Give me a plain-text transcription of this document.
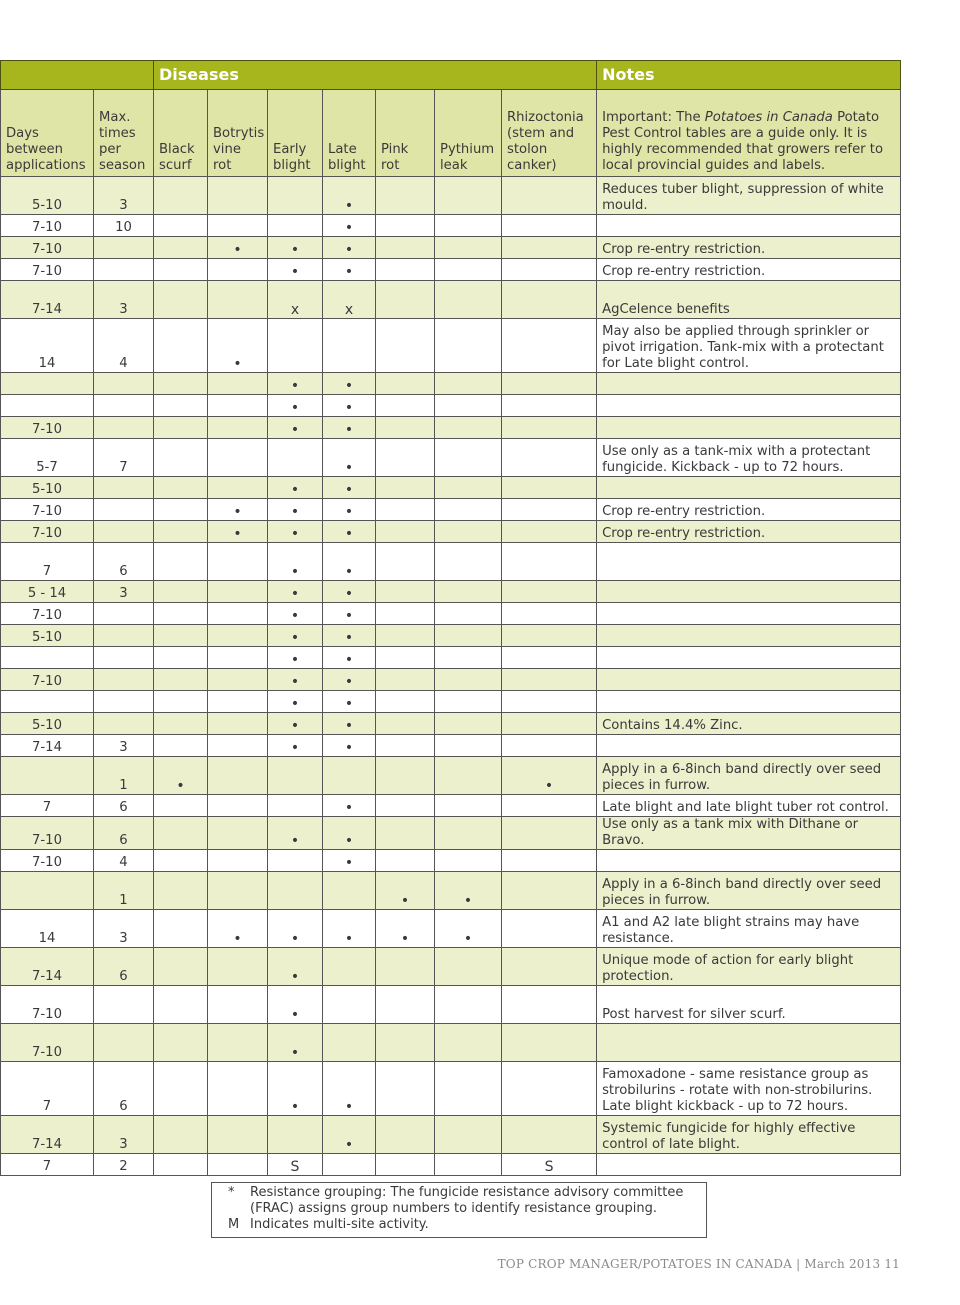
		Diseases							Notes
Days between applications	Max. times per season	Black scurf	Botrytis vine rot	Early blight	Late blight	Pink rot	Pythium leak	Rhizoctonia (stem and stolon canker)	Important: The Potatoes in Canada Potato Pest Control tables are a guide only. It is highly recommended that growers refer to local provincial guides and labels.
5-10	3				•				Reduces tuber blight, suppression of white mould.
7-10	10				•				
7-10			•	•	•				Crop re-entry restriction.
7-10				•	•				Crop re-entry restriction.
7-14	3			x	x				AgCelence benefits
14	4		•						May also be applied through sprinkler or pivot irrigation. Tank-mix with a protectant for Late blight control.
				•	•				
				•	•				
7-10				•	•				
5-7	7				•				Use only as a tank-mix with a protectant fungicide. Kickback - up to 72 hours.
5-10				•	•				
7-10			•	•	•				Crop re-entry restriction.
7-10			•	•	•				Crop re-entry restriction.
7	6			•	•				
5 - 14	3			•	•				
7-10				•	•				
5-10				•	•				
				•	•				
7-10				•	•				
				•	•				
5-10				•	•				Contains 14.4% Zinc.
7-14	3			•	•				
	1	•						•	Apply in a 6-8inch band directly over seed pieces in furrow.
7	6				•				Late blight and late blight tuber rot control.
7-10	6			•	•				Use only as a tank mix with Dithane or Bravo.
7-10	4				•				
	1					•	•		Apply in a 6-8inch band directly over seed pieces in furrow.
14	3		•	•	•	•	•		A1 and A2 late blight strains may have resistance.
7-14	6			•					Unique mode of action for early blight protection.
7-10				•					Post harvest for silver scurf.
7-10				•					
7	6			•	•				Famoxadone - same resistance group as strobilurins - rotate with non-strobilurins. Late blight kickback - up to 72 hours.
7-14	3				•				Systemic fungicide for highly effective control of late blight.
7	2			S				S	
* Resistance grouping: The fungicide resistance advisory committee (FRAC) assigns group numbers to identify resistance grouping.
M Indicates multi-site activity.
TOP CROP MANAGER/POTATOES IN CANADA | March 2013 11
